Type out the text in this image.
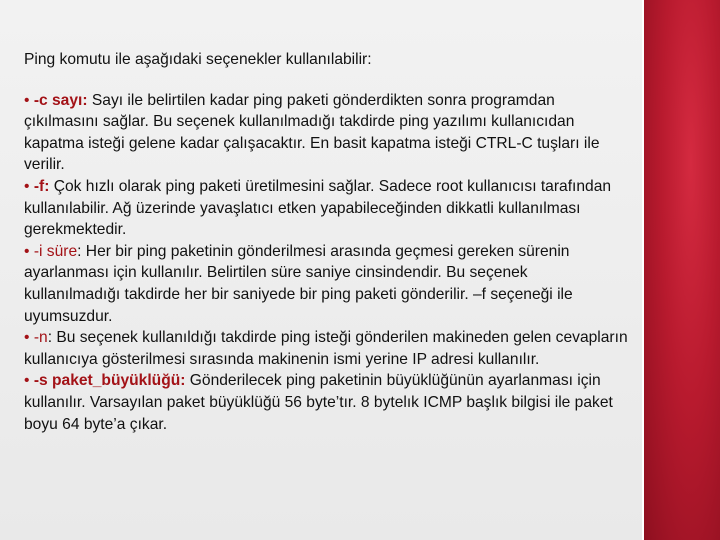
Ping komutu ile aşağıdaki seçenekler kullanılabilir:

• -c sayı: Sayı ile belirtilen kadar ping paketi gönderdikten sonra programdan çıkılmasını sağlar. Bu seçenek kullanılmadığı takdirde ping yazılımı kullanıcıdan kapatma isteği gelene kadar çalışacaktır. En basit kapatma isteği CTRL-C tuşları ile verilir.

• -f: Çok hızlı olarak ping paketi üretilmesini sağlar. Sadece root kullanıcısı tarafından kullanılabilir. Ağ üzerinde yavaşlatıcı etken yapabileceğinden dikkatli kullanılması gerekmektedir.

• -i süre: Her bir ping paketinin gönderilmesi arasında geçmesi gereken sürenin ayarlanması için kullanılır. Belirtilen süre saniye cinsindendir. Bu seçenek kullanılmadığı takdirde her bir saniyede bir ping paketi gönderilir. –f seçeneği ile uyumsuzdur.

• -n: Bu seçenek kullanıldığı takdirde ping isteği gönderilen makineden gelen cevapların kullanıcıya gösterilmesi sırasında makinenin ismi yerine IP adresi kullanılır.

• -s paket_büyüklüğü: Gönderilecek ping paketinin büyüklüğünün ayarlanması için kullanılır. Varsayılan paket büyüklüğü 56 byte’tır. 8 bytelık ICMP başlık bilgisi ile paket boyu 64 byte’a çıkar.
